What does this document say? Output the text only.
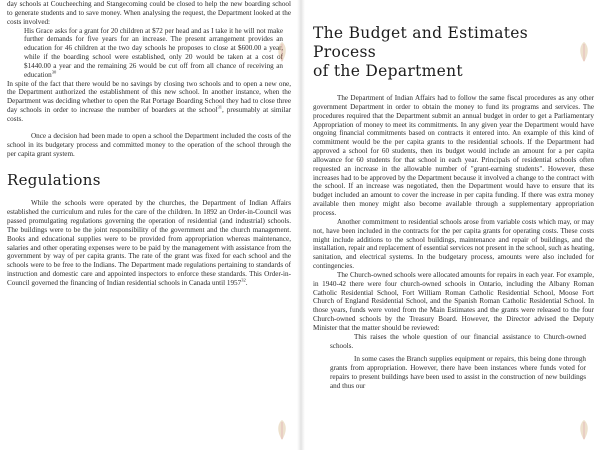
day schools at Coucheeching and Stangecoming could be closed to help the new boarding school to generate students and to save money. When analysing the request, the Department looked at the costs involved:

His Grace asks for a grant for 20 children at $72 per head and as I take it he will not make further demands for five years for an increase. The present arrangement provides an education for 46 children at the two day schools he proposes to close at $600.00 a year, while if the boarding school were established, only 20 would be taken at a cost of $1440.00 a year and the remaining 26 would be cut off from all chance of receiving an education$^{30}$

In spite of the fact that there would be no savings by closing two schools and to open a new one, the Department authorized the establishment of this new school. In another instance, when the Department was deciding whether to open the Rat Portage Boarding School they had to close three day schools in order to increase the number of boarders at the school$^{31}$, presumably at similar costs.

Once a decision had been made to open a school the Department included the costs of the school in its budgetary process and committed money to the operation of the school through the per capita grant system.

Regulations

While the schools were operated by the churches, the Department of Indian Affairs established the curriculum and rules for the care of the children. In 1892 an Order-in-Council was passed promulgating regulations governing the operation of residential (and industrial) schools. The buildings were to be the joint responsibility of the government and the church management. Books and educational supplies were to be provided from appropriation whereas maintenance, salaries and other operating expenses were to be paid by the management with assistance from the government by way of per capita grants. The rate of the grant was fixed for each school and the schools were to be free to the Indians. The Department made regulations pertaining to standards of instruction and domestic care and appointed inspectors to enforce these standards. This Order-in-Council governed the financing of Indian residential schools in Canada until 1957$^{32}$.

The Budget and Estimates Process
of the Department

The Department of Indian Affairs had to follow the same fiscal procedures as any other government Department in order to obtain the money to fund its programs and services. The procedures required that the Department submit an annual budget in order to get a Parliamentary Appropriation of money to meet its commitments. In any given year the Department would have ongoing financial commitments based on contracts it entered into. An example of this kind of commitment would be the per capita grants to the residential schools. If the Department had approved a school for 60 students, then its budget would include an amount for a per capita allowance for 60 students for that school in each year. Principals of residential schools often requested an increase in the allowable number of "grant-earning students". However, these increases had to be approved by the Department because it involved a change to the contract with the school. If an increase was negotiated, then the Department would have to ensure that its budget included an amount to cover the increase in per capita funding. If there was extra money available then money might also become available through a supplementary appropriation process.

Another commitment to residential schools arose from variable costs which may, or may not, have been included in the contracts for the per capita grants for operating costs. These costs might include additions to the school buildings, maintenance and repair of buildings, and the installation, repair and replacement of essential services not present in the school, such as heating, sanitation, and electrical systems. In the budgetary process, amounts were also included for contingencies.

The Church-owned schools were allocated amounts for repairs in each year. For example, in 1940-42 there were four church-owned schools in Ontario, including the Albany Roman Catholic Residential School, Fort William Roman Catholic Residential School, Moose Fort Church of England Residential School, and the Spanish Roman Catholic Residential School. In those years, funds were voted from the Main Estimates and the grants were released to the four Church-owned schools by the Treasury Board. However, the Director advised the Deputy Minister that the matter should be reviewed:

This raises the whole question of our financial assistance to Church-owned schools.

In some cases the Branch supplies equipment or repairs, this being done through grants from appropriation. However, there have been instances where funds voted for repairs to present buildings have been used to assist in the construction of new buildings and thus our
